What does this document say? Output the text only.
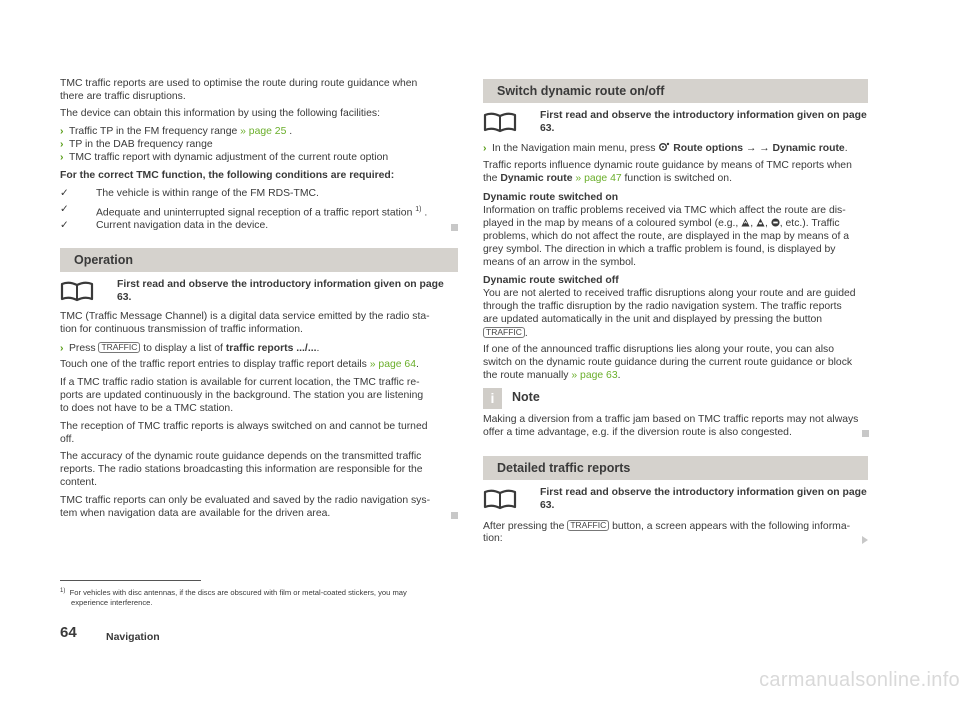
TMC traffic reports are used to optimise the route during route guidance when

there are traffic disruptions.

The device can obtain this information by using the following facilities:

› Traffic TP in the FM frequency range » page 25 .

› TP in the DAB frequency range

› TMC traffic report with dynamic adjustment of the current route option

For the correct TMC function, the following conditions are required:

✓	The vehicle is within range of the FM RDS-TMC.
✓	Adequate and uninterrupted signal reception of a traffic report station $^{1)}$ .
✓	Current navigation data in the device.
Operation

First read and observe the introductory information given on page 63.

TMC (Traffic Message Channel) is a digital data service emitted by the radio sta-

tion for continuous transmission of traffic information.

› Press TRAFFIC to display a list of traffic reports .../....

Touch one of the traffic report entries to display traffic report details » page 64.

If a TMC traffic radio station is available for current location, the TMC traffic re-

ports are updated continuously in the background. The station you are listening

to does not have to be a TMC station.

The reception of TMC traffic reports is always switched on and cannot be turned

off.

The accuracy of the dynamic route guidance depends on the transmitted traffic

reports. The radio stations broadcasting this information are responsible for the

content.

TMC traffic reports can only be evaluated and saved by the radio navigation sys-

tem when navigation data are available for the driven area.

Switch dynamic route on/off

First read and observe the introductory information given on page 63.

› In the Navigation main menu, press  Route options → → Dynamic route.

Traffic reports influence dynamic route guidance by means of TMC reports when

the Dynamic route » page 47 function is switched on.

Dynamic route switched on

Information on traffic problems received via TMC which affect the route are dis-

played in the map by means of a coloured symbol (e.g., , , , etc.). Traffic

problems, which do not affect the route, are displayed in the map by means of a

grey symbol. The direction in which a traffic problem is found, is displayed by

means of an arrow in the symbol.

Dynamic route switched off

You are not alerted to received traffic disruptions along your route and are guided

through the traffic disruption by the radio navigation system. The traffic reports

are updated automatically in the unit and displayed by pressing the button

TRAFFIC .

If one of the announced traffic disruptions lies along your route, you can also

switch on the dynamic route guidance during the current route guidance or block

the route manually » page 63.

i	Note

Making a diversion from a traffic jam based on TMC traffic reports may not always

offer a time advantage, e.g. if the diversion route is also congested.

Detailed traffic reports

First read and observe the introductory information given on page 63.

After pressing the TRAFFIC button, a screen appears with the following informa-

tion:

$^{1)}$ For vehicles with disc antennas, if the discs are obscured with film or metal-coated stickers, you may
experience interference.
64	Navigation
carmanualsonline.info
